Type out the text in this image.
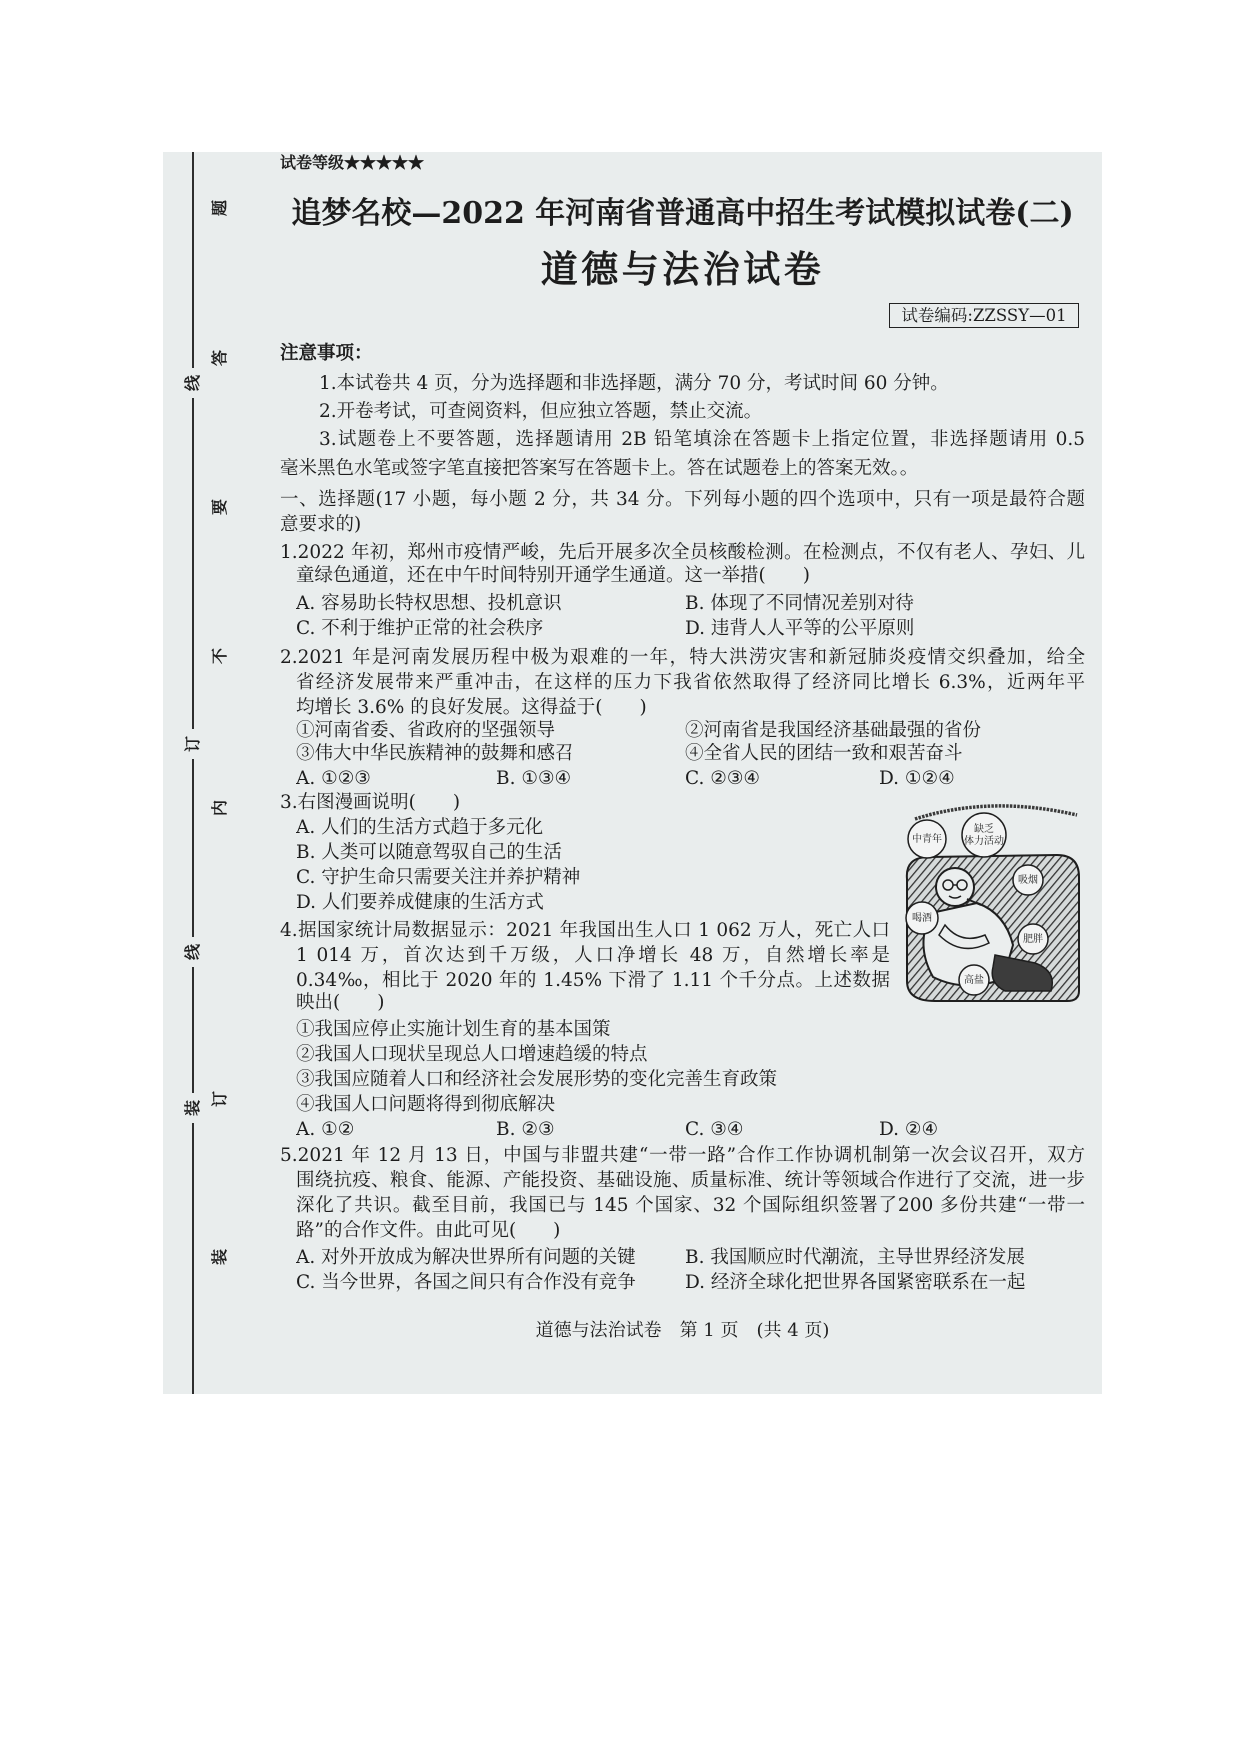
线
订
线
装
题
答
要
不
内
订
装
试卷等级★★★★★
追梦名校—2022 年河南省普通高中招生考试模拟试卷(二)
道德与法治试卷
试卷编码:ZZSSY—01
注意事项：
1.本试卷共 4 页，分为选择题和非选择题，满分 70 分，考试时间 60 分钟。
2.开卷考试，可查阅资料，但应独立答题，禁止交流。
3.试题卷上不要答题，选择题请用 2B 铅笔填涂在答题卡上指定位置，非选择题请用 0.5
毫米黑色水笔或签字笔直接把答案写在答题卡上。答在试题卷上的答案无效。。
一、选择题(17 小题，每小题 2 分，共 34 分。下列每小题的四个选项中，只有一项是最符合题
意要求的)
1.2022 年初，郑州市疫情严峻，先后开展多次全员核酸检测。在检测点，不仅有老人、孕妇、儿
童绿色通道，还在中午时间特别开通学生通道。这一举措(　　)
A. 容易助长特权思想、投机意识	B. 体现了不同情况差别对待
C. 不利于维护正常的社会秩序	D. 违背人人平等的公平原则
2.2021 年是河南发展历程中极为艰难的一年，特大洪涝灾害和新冠肺炎疫情交织叠加，给全
省经济发展带来严重冲击，在这样的压力下我省依然取得了经济同比增长 6.3%，近两年平
均增长 3.6% 的良好发展。这得益于(　　)
①河南省委、省政府的坚强领导	②河南省是我国经济基础最强的省份
③伟大中华民族精神的鼓舞和感召	④全省人民的团结一致和艰苦奋斗
A. ①②③	B. ①③④	C. ②③④	D. ①②④
3.右图漫画说明(　　)
A. 人们的生活方式趋于多元化
B. 人类可以随意驾驭自己的生活
C. 守护生命只需要关注并养护精神
D. 人们要养成健康的生活方式
中青年
缺乏
体力活动
吸烟
喝酒
肥胖
高盐
4.据国家统计局数据显示：2021 年我国出生人口 1 062 万人，死亡人口
1 014 万，首次达到千万级，人口净增长 48 万，自然增长率是
0.34‰，相比于 2020 年的 1.45% 下滑了 1.11 个千分点。上述数据
映出(　　)
①我国应停止实施计划生育的基本国策
②我国人口现状呈现总人口增速趋缓的特点
③我国应随着人口和经济社会发展形势的变化完善生育政策
④我国人口问题将得到彻底解决
A. ①②	B. ②③	C. ③④	D. ②④
5.2021 年 12 月 13 日，中国与非盟共建“一带一路”合作工作协调机制第一次会议召开，双方
围绕抗疫、粮食、能源、产能投资、基础设施、质量标准、统计等领域合作进行了交流，进一步
深化了共识。截至目前，我国已与 145 个国家、32 个国际组织签署了200 多份共建“一带一
路”的合作文件。由此可见(　　)
A. 对外开放成为解决世界所有问题的关键	B. 我国顺应时代潮流，主导世界经济发展
C. 当今世界，各国之间只有合作没有竞争	D. 经济全球化把世界各国紧密联系在一起
道德与法治试卷　第 1 页　(共 4 页)
